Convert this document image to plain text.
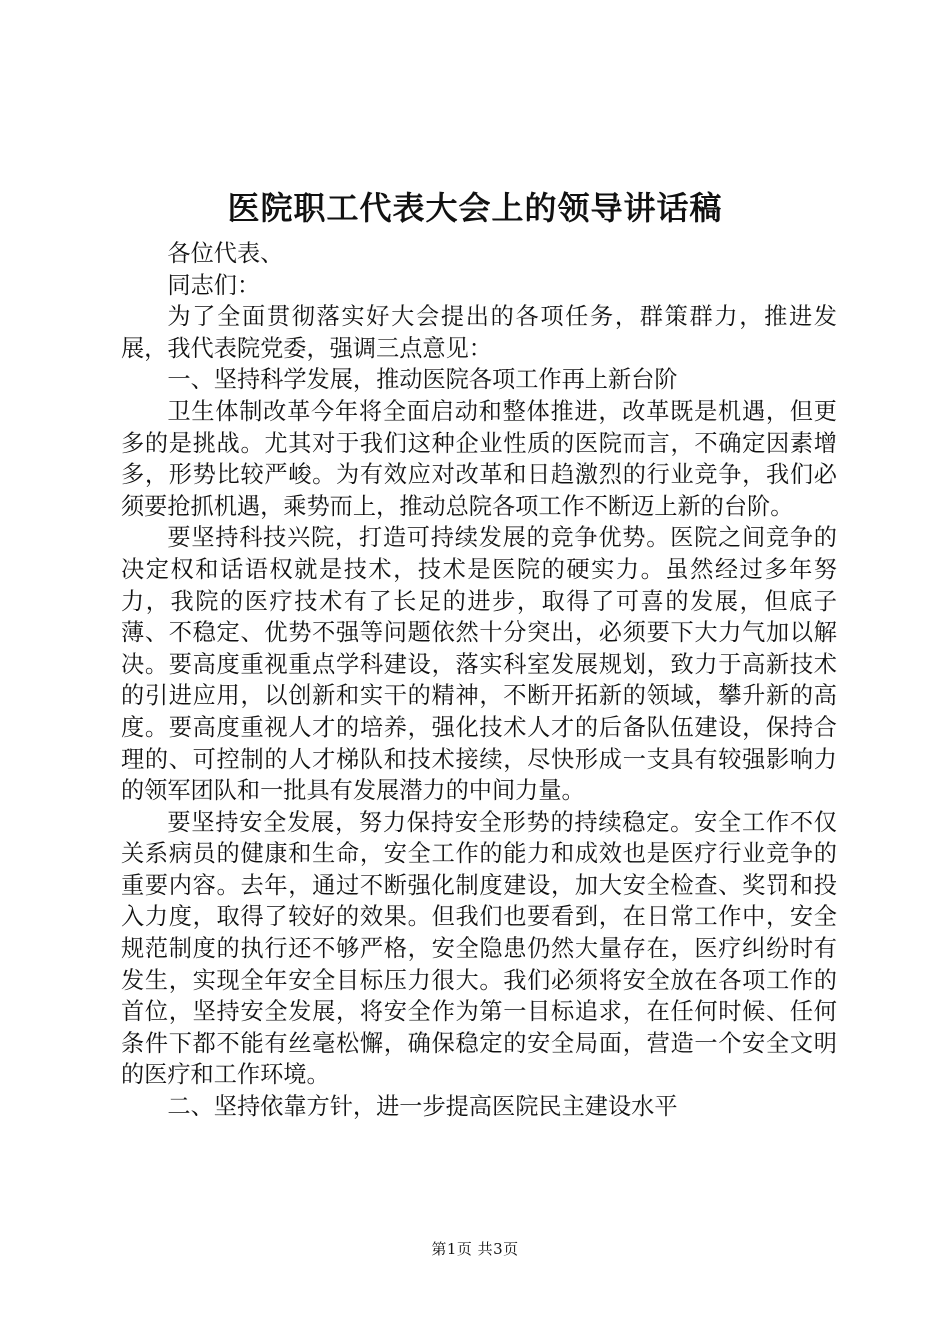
医院职工代表大会上的领导讲话稿

各位代表、

同志们：

为了全面贯彻落实好大会提出的各项任务，群策群力，推进发展，我代表院党委，强调三点意见：

一、坚持科学发展，推动医院各项工作再上新台阶

卫生体制改革今年将全面启动和整体推进，改革既是机遇，但更多的是挑战。尤其对于我们这种企业性质的医院而言，不确定因素增多，形势比较严峻。为有效应对改革和日趋激烈的行业竞争，我们必须要抢抓机遇，乘势而上，推动总院各项工作不断迈上新的台阶。

要坚持科技兴院，打造可持续发展的竞争优势。医院之间竞争的决定权和话语权就是技术，技术是医院的硬实力。虽然经过多年努力，我院的医疗技术有了长足的进步，取得了可喜的发展，但底子薄、不稳定、优势不强等问题依然十分突出，必须要下大力气加以解决。要高度重视重点学科建设，落实科室发展规划，致力于高新技术的引进应用，以创新和实干的精神，不断开拓新的领域，攀升新的高度。要高度重视人才的培养，强化技术人才的后备队伍建设，保持合理的、可控制的人才梯队和技术接续，尽快形成一支具有较强影响力的领军团队和一批具有发展潜力的中间力量。

要坚持安全发展，努力保持安全形势的持续稳定。安全工作不仅关系病员的健康和生命，安全工作的能力和成效也是医疗行业竞争的重要内容。去年，通过不断强化制度建设，加大安全检查、奖罚和投入力度，取得了较好的效果。但我们也要看到，在日常工作中，安全规范制度的执行还不够严格，安全隐患仍然大量存在，医疗纠纷时有发生，实现全年安全目标压力很大。我们必须将安全放在各项工作的首位，坚持安全发展，将安全作为第一目标追求，在任何时候、任何条件下都不能有丝毫松懈，确保稳定的安全局面，营造一个安全文明的医疗和工作环境。

二、坚持依靠方针，进一步提高医院民主建设水平

第1页 共3页
